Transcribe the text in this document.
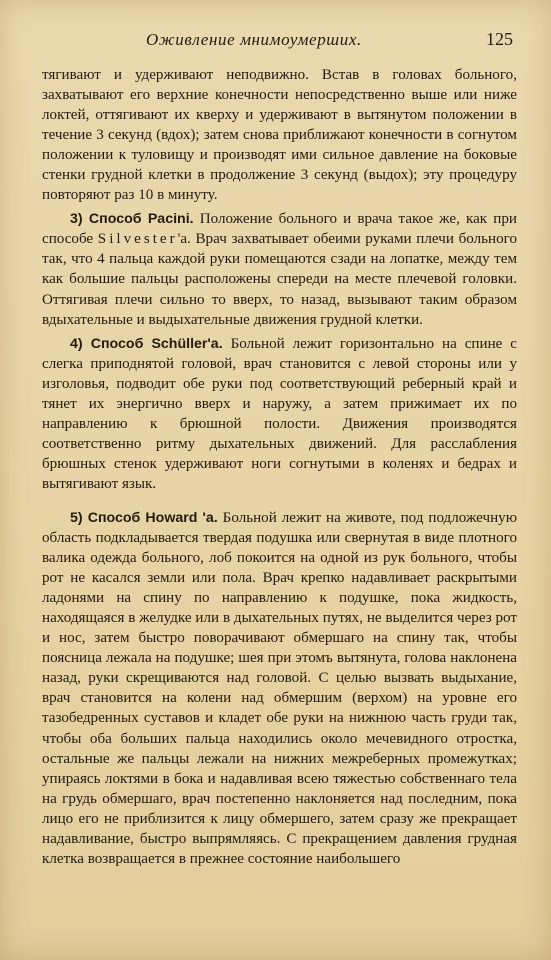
Оживление мнимоумерших.	125

тягивают и удерживают неподвижно. Встав в головах больного, захватывают его верхние конечности непосредственно выше или ниже локтей, оттягивают их кверху и удерживают в вытянутом положении в течение 3 секунд (вдох); затем снова приближают конечности в согнутом положении к туловищу и производят ими сильное давление на боковые стенки грудной клетки в продолжение 3 секунд (выдох); эту процедуру повторяют раз 10 в минуту.

3) Способ Pacini. Положение больного и врача такое же, как при способе Silvester'а. Врач захватывает обеими руками плечи больного так, что 4 пальца каждой руки помещаются сзади на лопатке, между тем как большие пальцы расположены спереди на месте плечевой головки. Оттягивая плечи сильно то вверх, то назад, вызывают таким образом вдыхательные и выдыхательные движения грудной клетки.

4) Способ Schüller'а. Больной лежит горизонтально на спине с слегка приподнятой головой, врач становится с левой стороны или у изголовья, подводит обе руки под соответствующий реберный край и тянет их энергично вверх и наружу, а затем прижимает их по направлению к брюшной полости. Движения производятся соответственно ритму дыхательных движений. Для расслабления брюшных стенок удерживают ноги согнутыми в коленях и бедрах и вытягивают язык.

5) Способ Howard 'а. Больной лежит на животе, под подложечную область подкладывается твердая подушка или свернутая в виде плотного валика одежда больного, лоб покоится на одной из рук больного, чтобы рот не касался земли или пола. Врач крепко надавливает раскрытыми ладонями на спину по направлению к подушке, пока жидкость, находящаяся в желудке или в дыхательных путях, не выделится через рот и нос, затем быстро поворачивают обмершаго на спину так, чтобы поясница лежала на подушке; шея при этомъ вытянута, голова наклонена назад, руки скрещиваются над головой. С целью вызвать выдыхание, врач становится на колени над обмершим (верхом) на уровне его тазобедренных суставов и кладет обе руки на нижнюю часть груди так, чтобы оба больших пальца находились около мечевидного отростка, остальные же пальцы лежали на нижних межреберных промежутках; упираясь локтями в бока и надавливая всею тяжестью собственнаго тела на грудь обмершаго, врач постепенно наклоняется над последним, пока лицо его не приблизится к лицу обмершего, затем сразу же прекращает надавливание, быстро выпрямляясь. С прекращением давления грудная клетка возвращается в прежнее состояние наибольшего
